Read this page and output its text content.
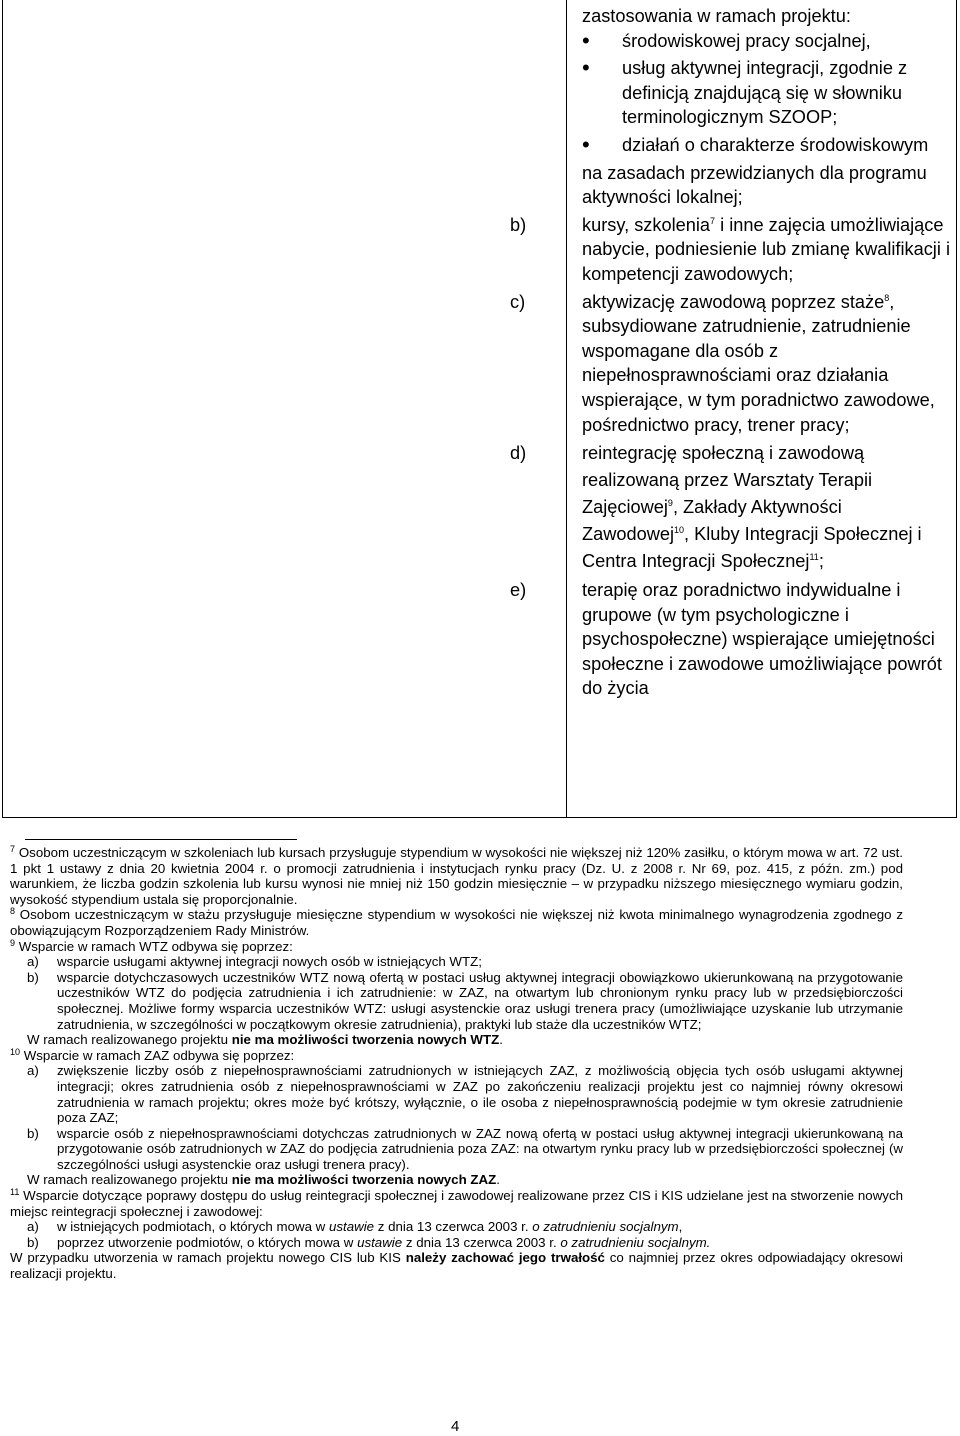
zastosowania w ramach projektu:

• środowiskowej pracy socjalnej,

• usług aktywnej integracji, zgodnie z definicją znajdującą się w słowniku terminologicznym SZOOP;

• działań o charakterze środowiskowym

na zasadach przewidzianych dla programu aktywności lokalnej;

b)	kursy, szkolenia$^7$ i inne zajęcia umożliwiające nabycie, podniesienie lub zmianę kwalifikacji i kompetencji zawodowych;

c)	aktywizację zawodową poprzez staże$^8$, subsydiowane zatrudnienie, zatrudnienie wspomagane dla osób z niepełnosprawnościami oraz działania wspierające, w tym poradnictwo zawodowe, pośrednictwo pracy, trener pracy;

d)	reintegrację społeczną i zawodową realizowaną przez Warsztaty Terapii Zajęciowej$^9$, Zakłady Aktywności Zawodowej$^{10}$, Kluby Integracji Społecznej i Centra Integracji Społecznej$^{11}$;

e)	terapię oraz poradnictwo indywidualne i grupowe (w tym psychologiczne i psychospołeczne) wspierające umiejętności społeczne i zawodowe umożliwiające powrót do życia

$^7$ Osobom uczestniczącym w szkoleniach lub kursach przysługuje stypendium w wysokości nie większej niż 120% zasiłku, o którym mowa w art. 72 ust. 1 pkt 1 ustawy z dnia 20 kwietnia 2004 r. o promocji zatrudnienia i instytucjach rynku pracy (Dz. U. z 2008 r. Nr 69, poz. 415, z późn. zm.) pod warunkiem, że liczba godzin szkolenia lub kursu wynosi nie mniej niż 150 godzin miesięcznie – w przypadku niższego miesięcznego wymiaru godzin, wysokość stypendium ustala się proporcjonalnie.

$^8$ Osobom uczestniczącym w stażu przysługuje miesięczne stypendium w wysokości nie większej niż kwota minimalnego wynagrodzenia zgodnego z obowiązującym Rozporządzeniem Rady Ministrów.

$^9$ Wsparcie w ramach WTZ odbywa się poprzez:

a) wsparcie usługami aktywnej integracji nowych osób w istniejących WTZ;

b) wsparcie dotychczasowych uczestników WTZ nową ofertą w postaci usług aktywnej integracji obowiązkowo ukierunkowaną na przygotowanie uczestników WTZ do podjęcia zatrudnienia i ich zatrudnienie: w ZAZ, na otwartym lub chronionym rynku pracy lub w przedsiębiorczości społecznej. Możliwe formy wsparcia uczestników WTZ: usługi asystenckie oraz usługi trenera pracy (umożliwiające uzyskanie lub utrzymanie zatrudnienia, w szczególności w początkowym okresie zatrudnienia), praktyki lub staże dla uczestników WTZ;

W ramach realizowanego projektu nie ma możliwości tworzenia nowych WTZ.

$^{10}$ Wsparcie w ramach ZAZ odbywa się poprzez:

a) zwiększenie liczby osób z niepełnosprawnościami zatrudnionych w istniejących ZAZ, z możliwością objęcia tych osób usługami aktywnej integracji; okres zatrudnienia osób z niepełnosprawnościami w ZAZ po zakończeniu realizacji projektu jest co najmniej równy okresowi zatrudnienia w ramach projektu; okres może być krótszy, wyłącznie, o ile osoba z niepełnosprawnością podejmie w tym okresie zatrudnienie poza ZAZ;

b) wsparcie osób z niepełnosprawnościami dotychczas zatrudnionych w ZAZ nową ofertą w postaci usług aktywnej integracji ukierunkowaną na przygotowanie osób zatrudnionych w ZAZ do podjęcia zatrudnienia poza ZAZ: na otwartym rynku pracy lub w przedsiębiorczości społecznej (w szczególności usługi asystenckie oraz usługi trenera pracy).

W ramach realizowanego projektu nie ma możliwości tworzenia nowych ZAZ.

$^{11}$ Wsparcie dotyczące poprawy dostępu do usług reintegracji społecznej i zawodowej realizowane przez CIS i KIS udzielane jest na stworzenie nowych miejsc reintegracji społecznej i zawodowej:

a) w istniejących podmiotach, o których mowa w ustawie z dnia 13 czerwca 2003 r. o zatrudnieniu socjalnym,

b) poprzez utworzenie podmiotów, o których mowa w ustawie z dnia 13 czerwca 2003 r. o zatrudnieniu socjalnym.

W przypadku utworzenia w ramach projektu nowego CIS lub KIS należy zachować jego trwałość co najmniej przez okres odpowiadający okresowi realizacji projektu.

4
